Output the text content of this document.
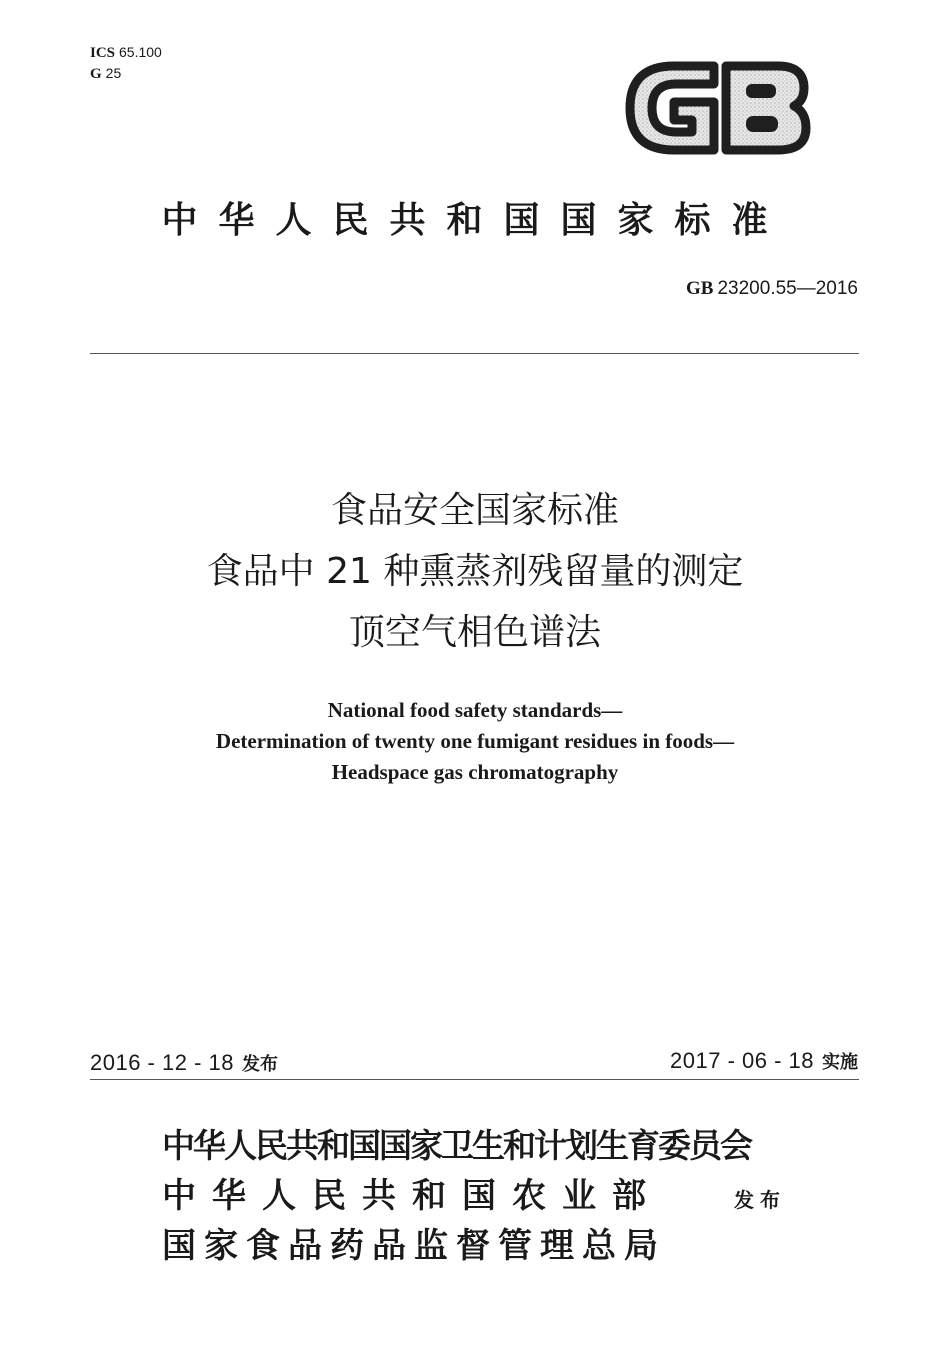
ICS 65.100
G 25
中华人民共和国国家标准
GB 23200.55—2016
食品安全国家标准
食品中 21 种熏蒸剂残留量的测定
顶空气相色谱法
National food safety standards—
Determination of twenty one fumigant residues in foods—
Headspace gas chromatography
2016 - 12 - 18 发布	2017 - 06 - 18 实施
中华人民共和国国家卫生和计划生育委员会
中华人民共和国农业部
国家食品药品监督管理总局
发布
